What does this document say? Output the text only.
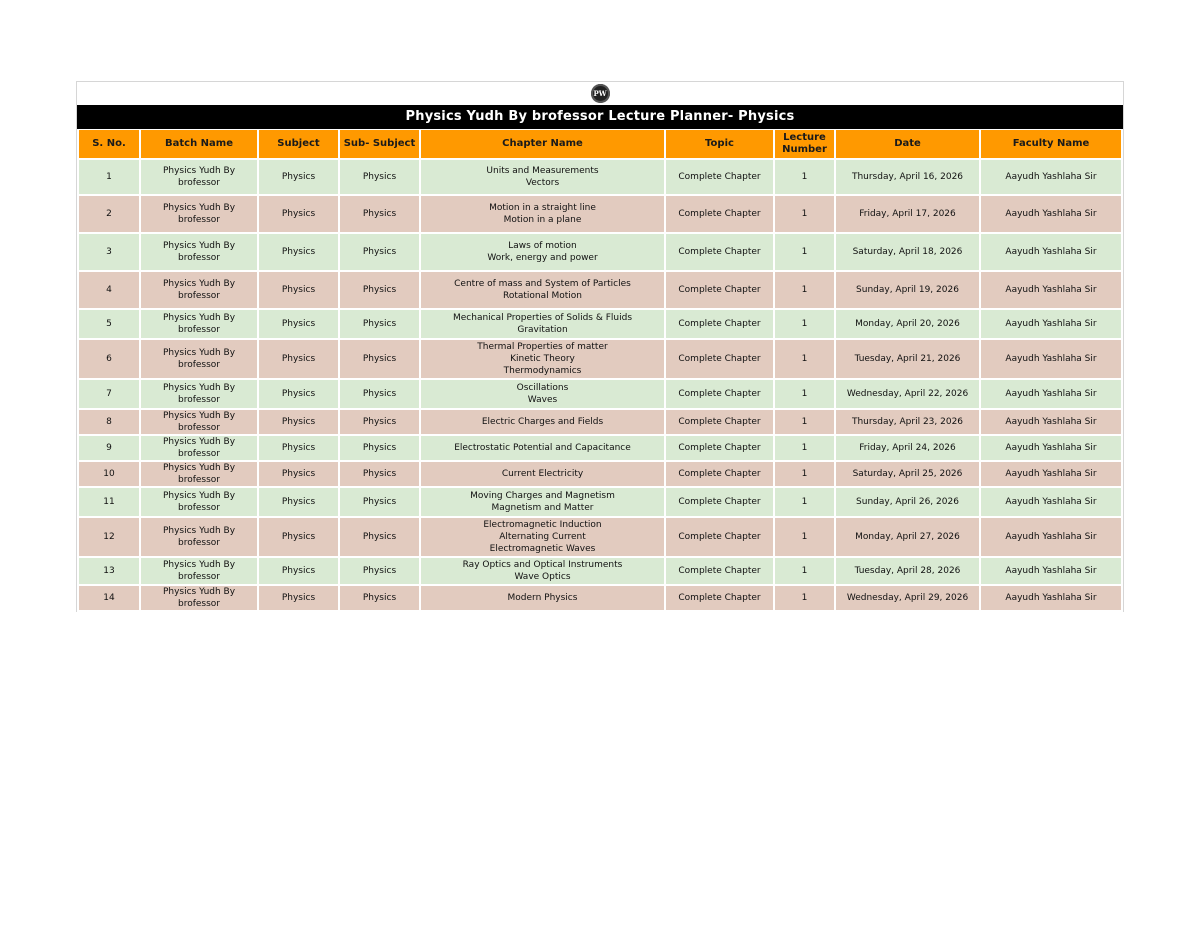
PW
Physics Yudh By brofessor Lecture Planner- Physics
S. No.	Batch Name	Subject	Sub- Subject	Chapter Name	Topic	Lecture Number	Date	Faculty Name
1	Physics Yudh By brofessor	Physics	Physics	Units and Measurements
Vectors	Complete Chapter	1	Thursday, April 16, 2026	Aayudh Yashlaha Sir
2	Physics Yudh By brofessor	Physics	Physics	Motion in a straight line
Motion in a plane	Complete Chapter	1	Friday, April 17, 2026	Aayudh Yashlaha Sir
3	Physics Yudh By brofessor	Physics	Physics	Laws of motion
Work, energy and power	Complete Chapter	1	Saturday, April 18, 2026	Aayudh Yashlaha Sir
4	Physics Yudh By brofessor	Physics	Physics	Centre of mass and System of Particles
Rotational Motion	Complete Chapter	1	Sunday, April 19, 2026	Aayudh Yashlaha Sir
5	Physics Yudh By brofessor	Physics	Physics	Mechanical Properties of Solids & Fluids
Gravitation	Complete Chapter	1	Monday, April 20, 2026	Aayudh Yashlaha Sir
6	Physics Yudh By brofessor	Physics	Physics	Thermal Properties of matter
Kinetic Theory
Thermodynamics	Complete Chapter	1	Tuesday, April 21, 2026	Aayudh Yashlaha Sir
7	Physics Yudh By brofessor	Physics	Physics	Oscillations
Waves	Complete Chapter	1	Wednesday, April 22, 2026	Aayudh Yashlaha Sir
8	Physics Yudh By brofessor	Physics	Physics	Electric Charges and Fields	Complete Chapter	1	Thursday, April 23, 2026	Aayudh Yashlaha Sir
9	Physics Yudh By brofessor	Physics	Physics	Electrostatic Potential and Capacitance	Complete Chapter	1	Friday, April 24, 2026	Aayudh Yashlaha Sir
10	Physics Yudh By brofessor	Physics	Physics	Current Electricity	Complete Chapter	1	Saturday, April 25, 2026	Aayudh Yashlaha Sir
11	Physics Yudh By brofessor	Physics	Physics	Moving Charges and Magnetism
Magnetism and Matter	Complete Chapter	1	Sunday, April 26, 2026	Aayudh Yashlaha Sir
12	Physics Yudh By brofessor	Physics	Physics	Electromagnetic Induction
Alternating Current
Electromagnetic Waves	Complete Chapter	1	Monday, April 27, 2026	Aayudh Yashlaha Sir
13	Physics Yudh By brofessor	Physics	Physics	Ray Optics and Optical Instruments
Wave Optics	Complete Chapter	1	Tuesday, April 28, 2026	Aayudh Yashlaha Sir
14	Physics Yudh By brofessor	Physics	Physics	Modern Physics	Complete Chapter	1	Wednesday, April 29, 2026	Aayudh Yashlaha Sir
